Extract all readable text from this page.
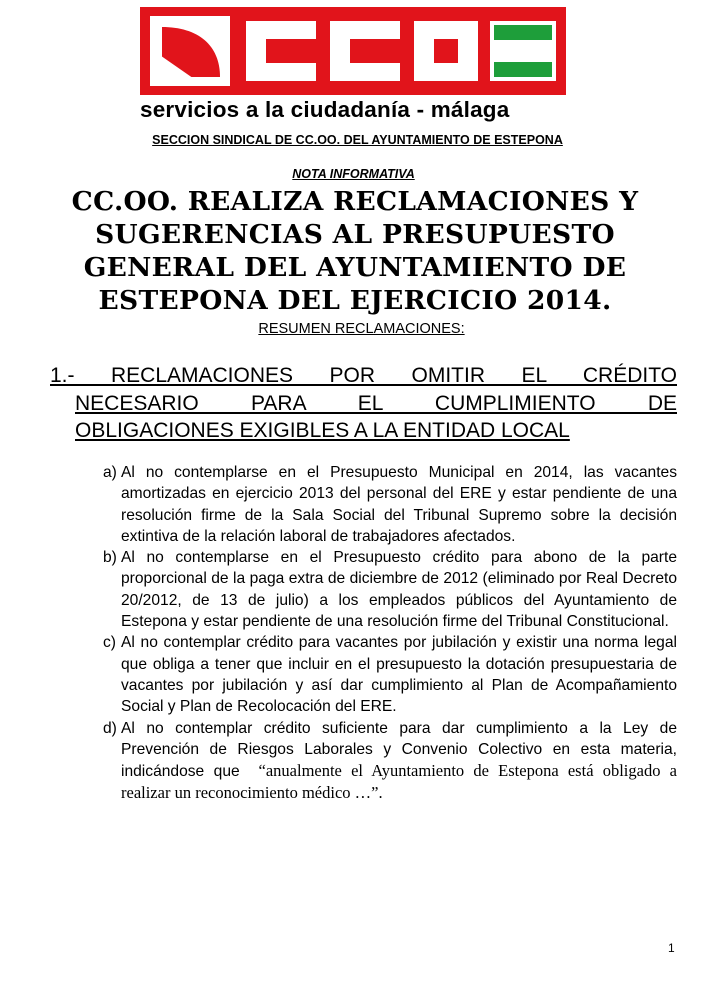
servicios a la ciudadanía - málaga
SECCION SINDICAL DE CC.OO. DEL AYUNTAMIENTO DE ESTEPONA
NOTA INFORMATIVA
CC.OO. REALIZA RECLAMACIONES Y
SUGERENCIAS AL PRESUPUESTO
GENERAL DEL AYUNTAMIENTO DE
ESTEPONA DEL EJERCICIO 2014.
RESUMEN RECLAMACIONES:
1.- RECLAMACIONES POR OMITIR EL CRÉDITO
NECESARIO PARA EL CUMPLIMIENTO DE
OBLIGACIONES EXIGIBLES A LA ENTIDAD LOCAL
a) Al no contemplarse en el Presupuesto Municipal en 2014, las vacantes amortizadas en ejercicio 2013 del personal del ERE y estar pendiente de una resolución firme de la Sala Social del Tribunal Supremo sobre la decisión extintiva de la relación laboral de trabajadores afectados.
b) Al no contemplarse en el Presupuesto crédito para abono de la parte proporcional de la paga extra de diciembre de 2012 (eliminado por Real Decreto 20/2012, de 13 de julio) a los empleados públicos del Ayuntamiento de Estepona y estar pendiente de una resolución firme del Tribunal Constitucional.
c) Al no contemplar crédito para vacantes por jubilación y existir una norma legal que obliga a tener que incluir en el presupuesto la dotación presupuestaria de vacantes por jubilación y así dar cumplimiento al Plan de Acompañamiento Social y Plan de Recolocación del ERE.
d) Al no contemplar crédito suficiente para dar cumplimiento a la Ley de Prevención de Riesgos Laborales y Convenio Colectivo en esta materia, indicándose que “anualmente el Ayuntamiento de Estepona está obligado a realizar un reconocimiento médico …”.
1
